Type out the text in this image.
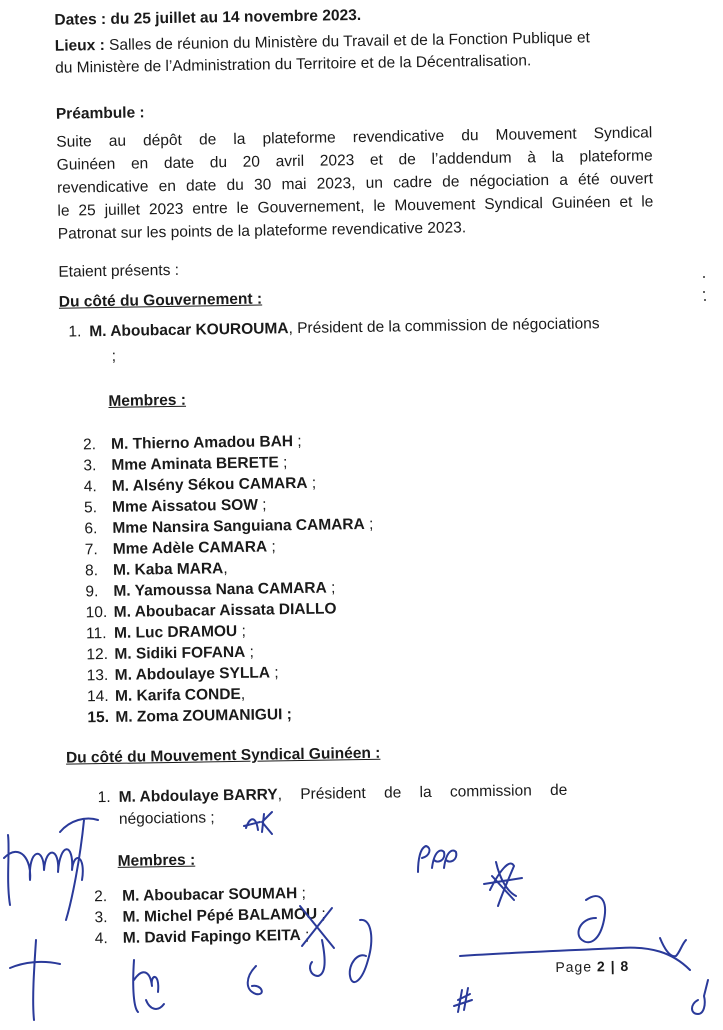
Dates : du 25 juillet au 14 novembre 2023.
Lieux : Salles de réunion du Ministère du Travail et de la Fonction Publique et
du Ministère de l’Administration du Territoire et de la Décentralisation.
Préambule :
Suite au dépôt de la plateforme revendicative du Mouvement Syndical
Guinéen en date du 20 avril 2023 et de l’addendum à la plateforme
revendicative en date du 30 mai 2023, un cadre de négociation a été ouvert
le 25 juillet 2023 entre le Gouvernement, le Mouvement Syndical Guinéen et le
Patronat sur les points de la plateforme revendicative 2023.
Etaient présents :
Du côté du Gouvernement :
1. M. Aboubacar KOUROUMA, Président de la commission de négociations
;
Membres :
2. M. Thierno Amadou BAH ;
3. Mme Aminata BERETE ;
4. M. Alsény Sékou CAMARA ;
5. Mme Aissatou SOW ;
6. Mme Nansira Sanguiana CAMARA ;
7. Mme Adèle CAMARA ;
8. M. Kaba MARA,
9. M. Yamoussa Nana CAMARA ;
10. M. Aboubacar Aissata DIALLO
11. M. Luc DRAMOU ;
12. M. Sidiki FOFANA ;
13. M. Abdoulaye SYLLA ;
14. M. Karifa CONDE,
15. M. Zoma ZOUMANIGUI ;
Du côté du Mouvement Syndical Guinéen :
1. M. Abdoulaye BARRY, Président de la commission de
négociations ;
Membres :
2. M. Aboubacar SOUMAH ;
3. M. Michel Pépé BALAMOU ;
4. M. David Fapingo KEITA ;
Page 2 | 8
